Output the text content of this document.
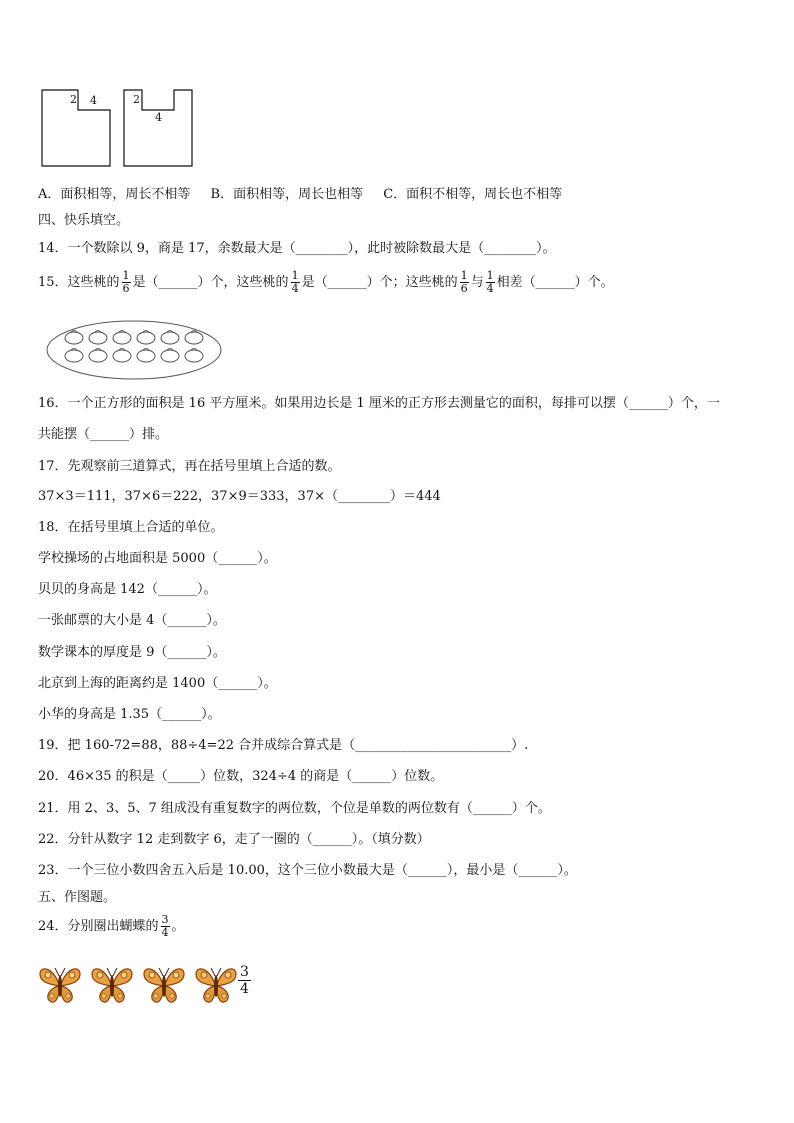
2 4	2
4
A．面积相等，周长不相等 B．面积相等，周长也相等 C．面积不相等，周长也不相等
四、快乐填空。
14．一个数除以 9，商是 17，余数最大是（________），此时被除数最大是（________）。
15．这些桃的 $\frac{1}{6}$ 是（______）个，这些桃的 $\frac{1}{4}$ 是（______）个；这些桃的 $\frac{1}{6}$ 与 $\frac{1}{4}$ 相差（______）个。
16．一个正方形的面积是 16 平方厘米。如果用边长是 1 厘米的正方形去测量它的面积，每排可以摆（______）个，一
共能摆（______）排。
17．先观察前三道算式，再在括号里填上合适的数。
37×3＝111，37×6＝222，37×9＝333，37×（________）＝444
18．在括号里填上合适的单位。
学校操场的占地面积是 5000（______）。
贝贝的身高是 142（______）。
一张邮票的大小是 4（______）。
数学课本的厚度是 9（______）。
北京到上海的距离约是 1400（______）。
小华的身高是 1.35（______）。
19．把 160-72=88，88÷4=22 合并成综合算式是（________________________）.
20．46×35 的积是（_____）位数，324÷4 的商是（______）位数。
21．用 2、3、5、7 组成没有重复数字的两位数，个位是单数的两位数有（______）个。
22．分针从数字 12 走到数字 6，走了一圈的（______）。（填分数）
23．一个三位小数四舍五入后是 10.00，这个三位小数最大是（______），最小是（______）。
五、作图题。
24．分别圈出蝴蝶的 $\frac{3}{4}$ 。
$\frac{3}{4}$
